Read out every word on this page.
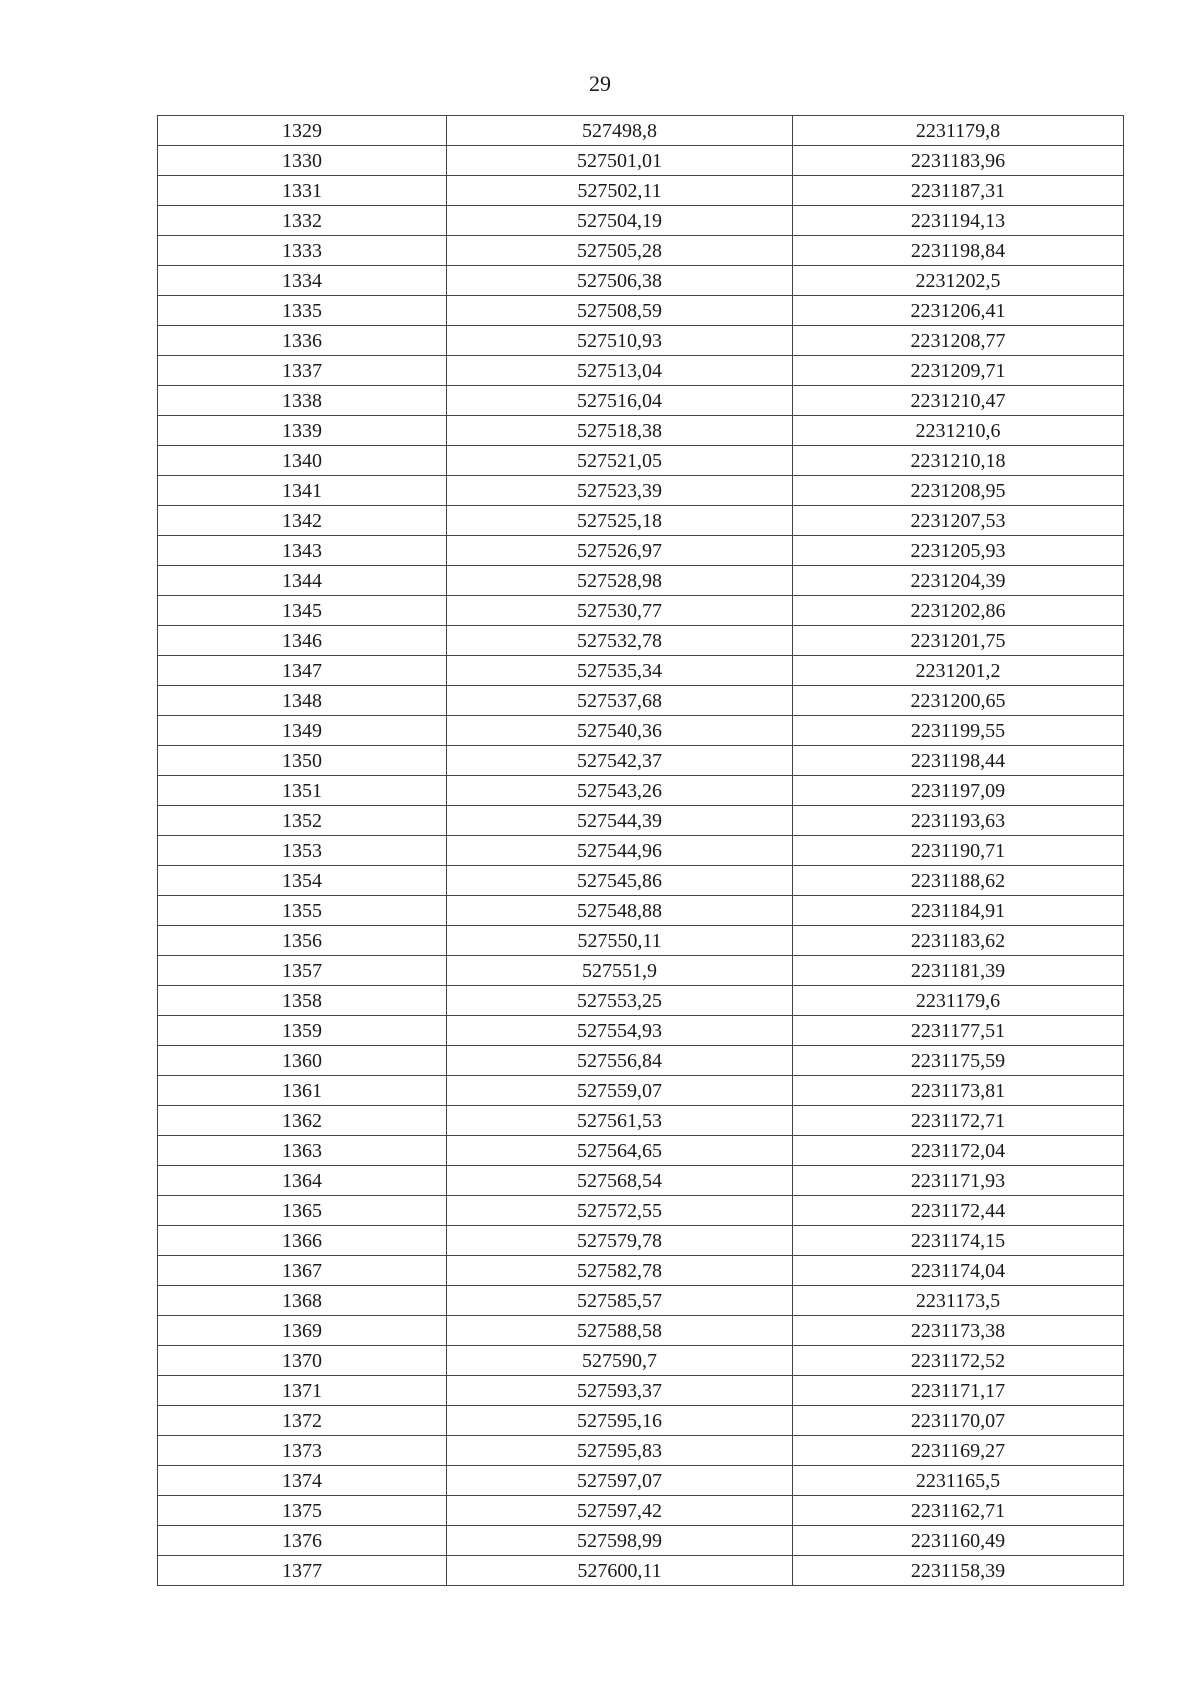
29
1329	527498,8	2231179,8
1330	527501,01	2231183,96
1331	527502,11	2231187,31
1332	527504,19	2231194,13
1333	527505,28	2231198,84
1334	527506,38	2231202,5
1335	527508,59	2231206,41
1336	527510,93	2231208,77
1337	527513,04	2231209,71
1338	527516,04	2231210,47
1339	527518,38	2231210,6
1340	527521,05	2231210,18
1341	527523,39	2231208,95
1342	527525,18	2231207,53
1343	527526,97	2231205,93
1344	527528,98	2231204,39
1345	527530,77	2231202,86
1346	527532,78	2231201,75
1347	527535,34	2231201,2
1348	527537,68	2231200,65
1349	527540,36	2231199,55
1350	527542,37	2231198,44
1351	527543,26	2231197,09
1352	527544,39	2231193,63
1353	527544,96	2231190,71
1354	527545,86	2231188,62
1355	527548,88	2231184,91
1356	527550,11	2231183,62
1357	527551,9	2231181,39
1358	527553,25	2231179,6
1359	527554,93	2231177,51
1360	527556,84	2231175,59
1361	527559,07	2231173,81
1362	527561,53	2231172,71
1363	527564,65	2231172,04
1364	527568,54	2231171,93
1365	527572,55	2231172,44
1366	527579,78	2231174,15
1367	527582,78	2231174,04
1368	527585,57	2231173,5
1369	527588,58	2231173,38
1370	527590,7	2231172,52
1371	527593,37	2231171,17
1372	527595,16	2231170,07
1373	527595,83	2231169,27
1374	527597,07	2231165,5
1375	527597,42	2231162,71
1376	527598,99	2231160,49
1377	527600,11	2231158,39
